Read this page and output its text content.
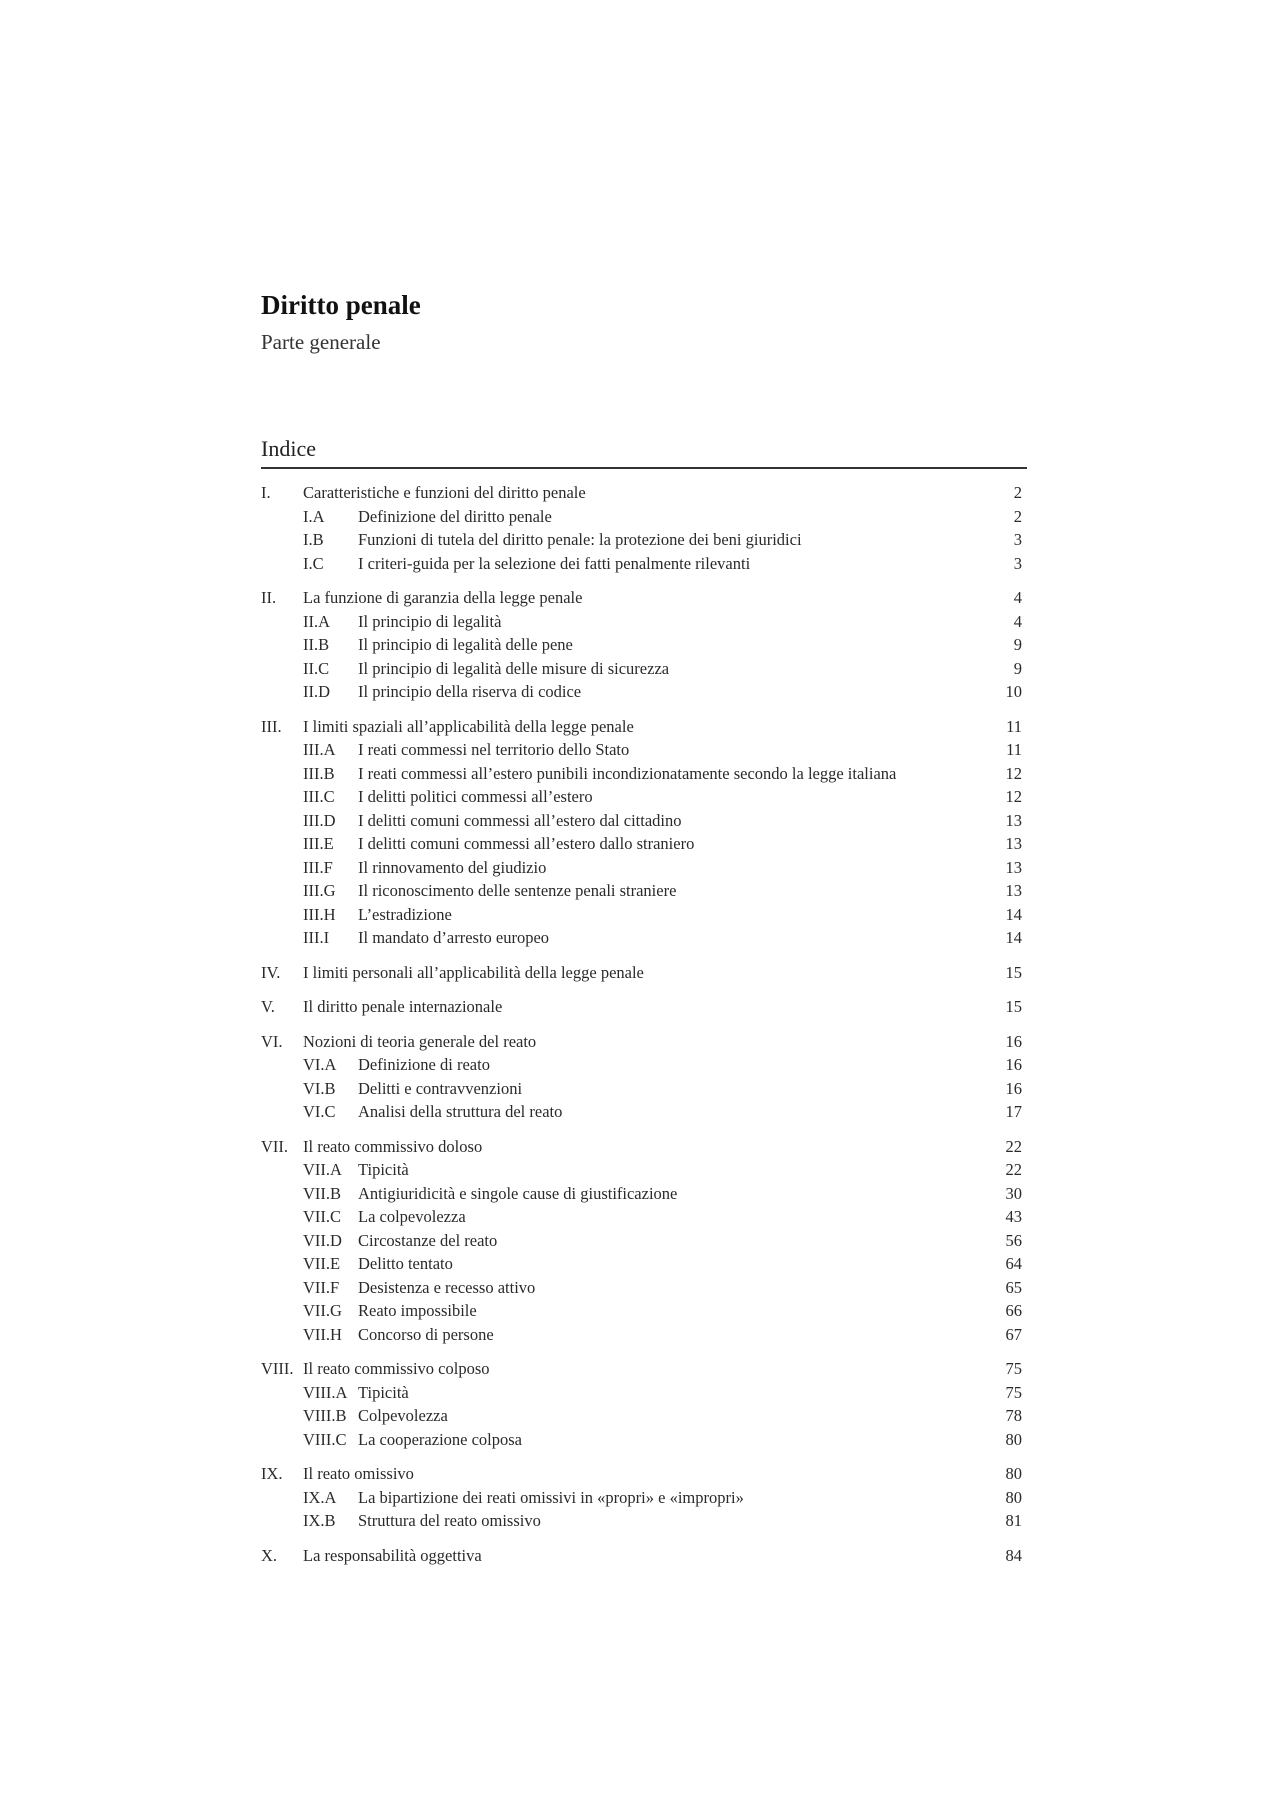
Diritto penale
Parte generale
Indice
I.	Caratteristiche e funzioni del diritto penale	2
I.A	Definizione del diritto penale	2
I.B	Funzioni di tutela del diritto penale: la protezione dei beni giuridici	3
I.C	I criteri-guida per la selezione dei fatti penalmente rilevanti	3
II.	La funzione di garanzia della legge penale	4
II.A	Il principio di legalità	4
II.B	Il principio di legalità delle pene	9
II.C	Il principio di legalità delle misure di sicurezza	9
II.D	Il principio della riserva di codice	10
III.	I limiti spaziali all’applicabilità della legge penale	11
III.A	I reati commessi nel territorio dello Stato	11
III.B	I reati commessi all’estero punibili incondizionatamente secondo la legge italiana	12
III.C	I delitti politici commessi all’estero	12
III.D	I delitti comuni commessi all’estero dal cittadino	13
III.E	I delitti comuni commessi all’estero dallo straniero	13
III.F	Il rinnovamento del giudizio	13
III.G	Il riconoscimento delle sentenze penali straniere	13
III.H	L’estradizione	14
III.I	Il mandato d’arresto europeo	14
IV.	I limiti personali all’applicabilità della legge penale	15
V.	Il diritto penale internazionale	15
VI.	Nozioni di teoria generale del reato	16
VI.A	Definizione di reato	16
VI.B	Delitti e contravvenzioni	16
VI.C	Analisi della struttura del reato	17
VII. Il reato commissivo doloso	22
VII.A Tipicità	22
VII.B	Antigiuridicità e singole cause di giustificazione	30
VII.C	La colpevolezza	43
VII.D Circostanze del reato	56
VII.E	Delitto tentato	64
VII.F	Desistenza e recesso attivo	65
VII.G Reato impossibile	66
VII.H Concorso di persone	67
VIII. Il reato commissivo colposo	75
VIII.A Tipicità	75
VIII.B Colpevolezza	78
VIII.C La cooperazione colposa	80
IX.	Il reato omissivo	80
IX.A	La bipartizione dei reati omissivi in «propri» e «impropri»	80
IX.B	Struttura del reato omissivo	81
X.	La responsabilità oggettiva	84
